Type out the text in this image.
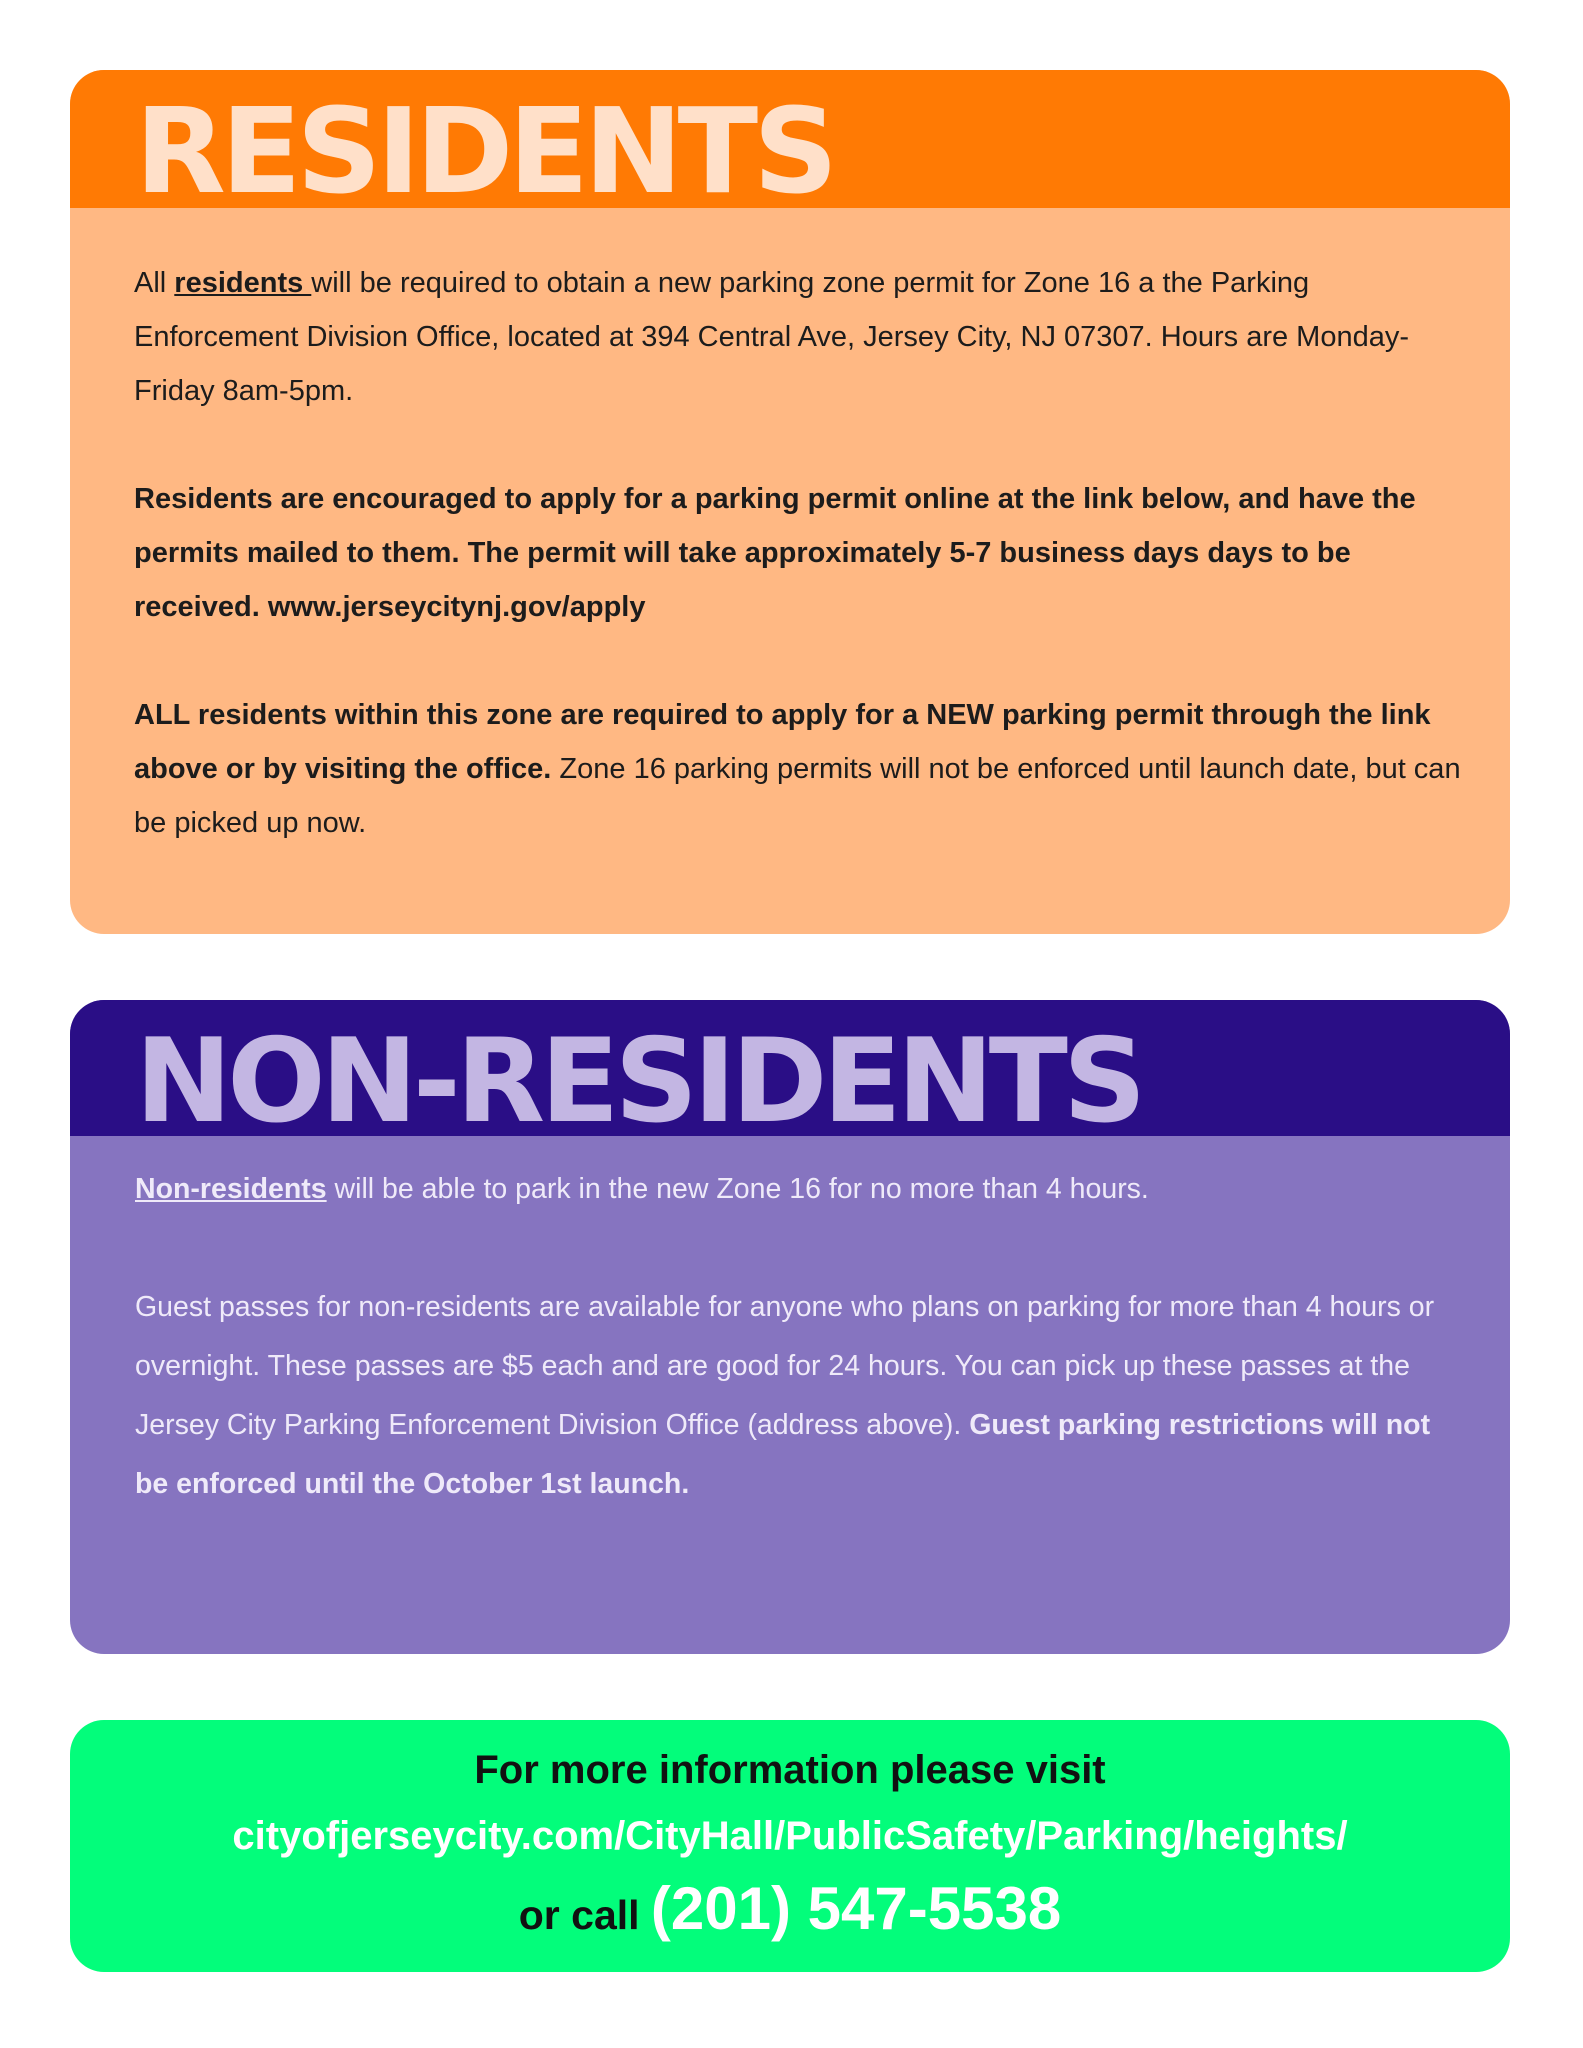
RESIDENTS

All residents will be required to obtain a new parking zone permit for Zone 16 a the Parking Enforcement Division Office, located at 394 Central Ave, Jersey City, NJ 07307. Hours are Monday- Friday 8am-5pm.

Residents are encouraged to apply for a parking permit online at the link below, and have the permits mailed to them. The permit will take approximately 5-7 business days days to be received. www.jerseycitynj.gov/apply

ALL residents within this zone are required to apply for a NEW parking permit through the link above or by visiting the office. Zone 16 parking permits will not be enforced until launch date, but can be picked up now.

NON-RESIDENTS

Non-residents will be able to park in the new Zone 16 for no more than 4 hours.

Guest passes for non-residents are available for anyone who plans on parking for more than 4 hours or overnight. These passes are $5 each and are good for 24 hours. You can pick up these passes at the Jersey City Parking Enforcement Division Office (address above). Guest parking restrictions will not be enforced until the October 1st launch.

For more information please visit
cityofjerseycity.com/CityHall/PublicSafety/Parking/heights/
or call (201) 547-5538
